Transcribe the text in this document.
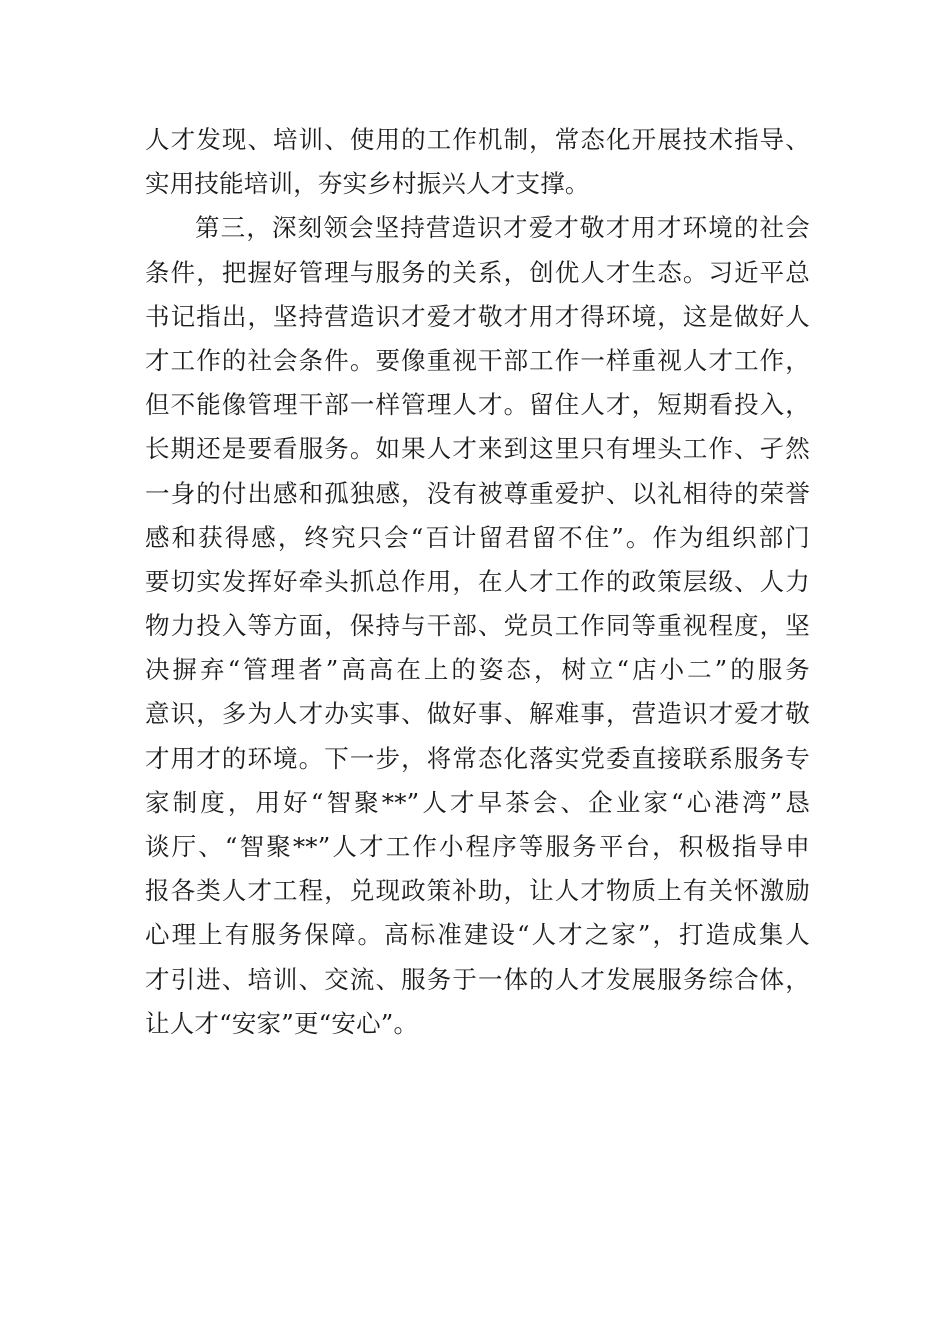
人才发现、培训、使用的工作机制，常态化开展技术指导、
实用技能培训，夯实乡村振兴人才支撑。
第三，深刻领会坚持营造识才爱才敬才用才环境的社会
条件，把握好管理与服务的关系，创优人才生态。习近平总
书记指出，坚持营造识才爱才敬才用才得环境，这是做好人
才工作的社会条件。要像重视干部工作一样重视人才工作，
但不能像管理干部一样管理人才。留住人才，短期看投入，
长期还是要看服务。如果人才来到这里只有埋头工作、孑然
一身的付出感和孤独感，没有被尊重爱护、以礼相待的荣誉
感和获得感，终究只会“百计留君留不住”。作为组织部门
要切实发挥好牵头抓总作用，在人才工作的政策层级、人力
物力投入等方面，保持与干部、党员工作同等重视程度，坚
决摒弃“管理者”高高在上的姿态，树立“店小二”的服务
意识，多为人才办实事、做好事、解难事，营造识才爱才敬
才用才的环境。下一步，将常态化落实党委直接联系服务专
家制度，用好“智聚**”人才早茶会、企业家“心港湾”恳
谈厅、“智聚**”人才工作小程序等服务平台，积极指导申
报各类人才工程，兑现政策补助，让人才物质上有关怀激励
心理上有服务保障。高标准建设“人才之家”，打造成集人
才引进、培训、交流、服务于一体的人才发展服务综合体，
让人才“安家”更“安心”。
